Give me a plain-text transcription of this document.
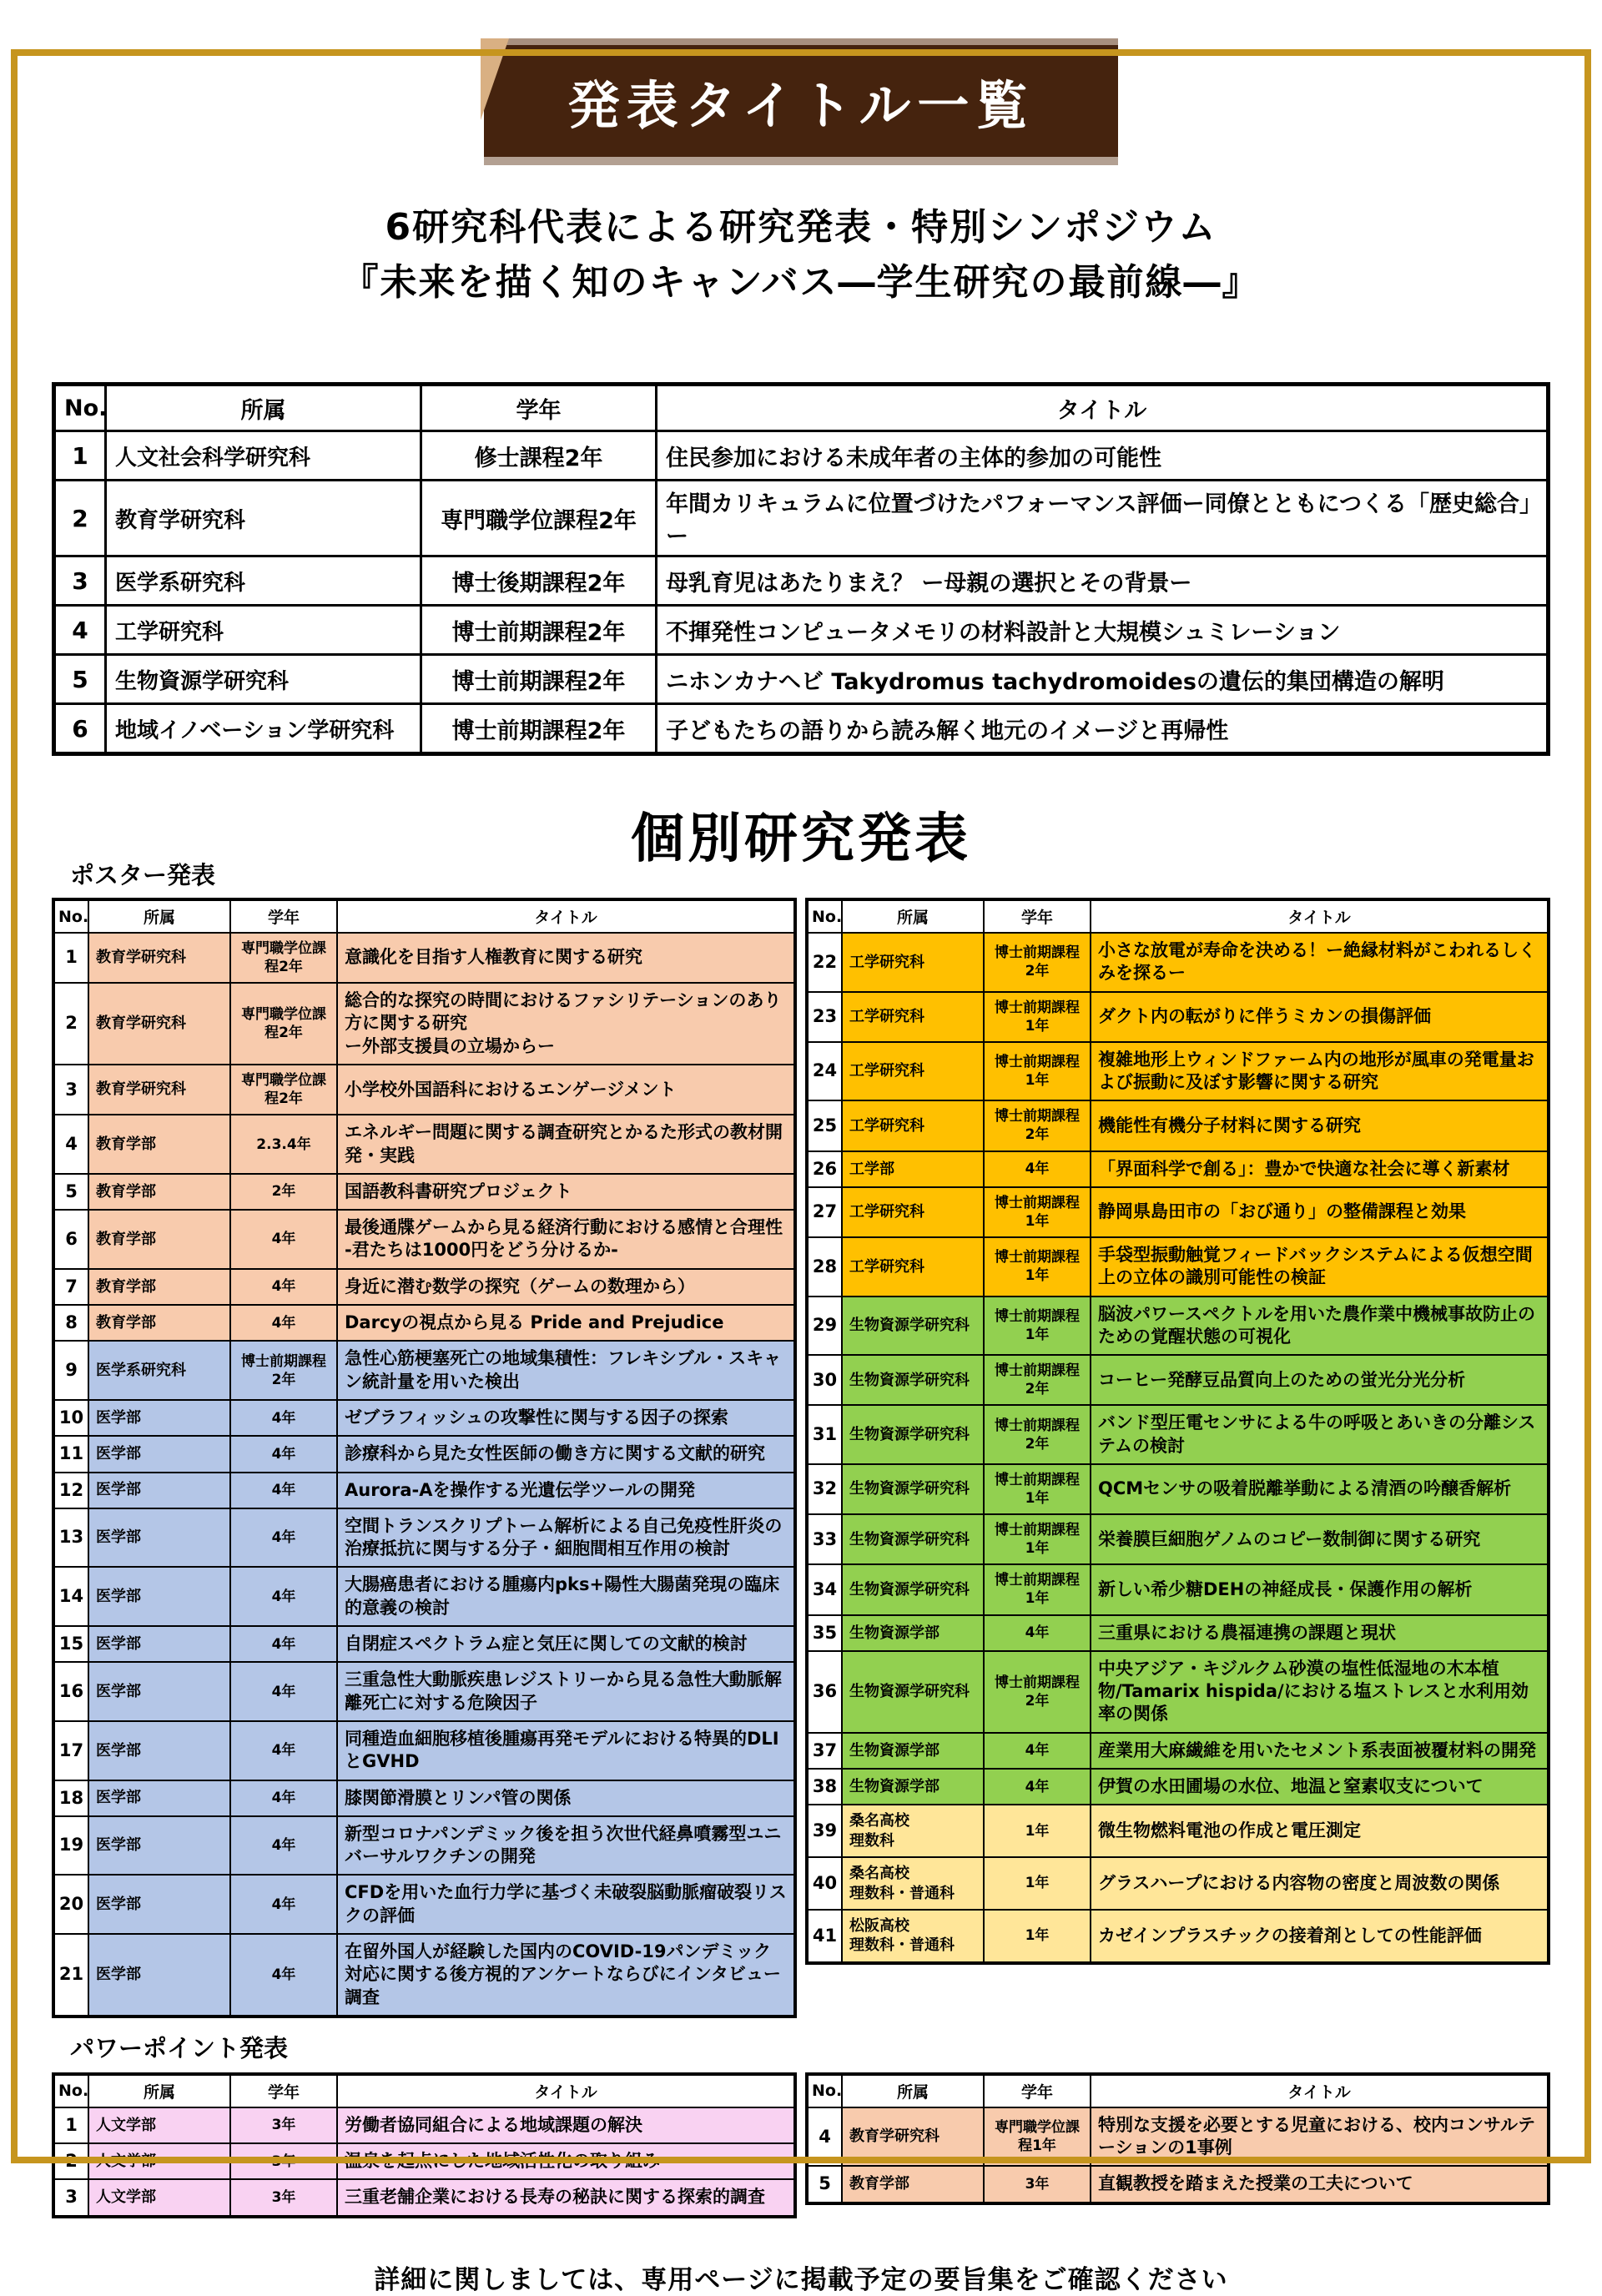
発表タイトル一覧
6研究科代表による研究発表・特別シンポジウム
『未来を描く知のキャンバス―学生研究の最前線―』
No.	所属	学年	タイトル
1	人文社会科学研究科	修士課程2年	住民参加における未成年者の主体的参加の可能性
2	教育学研究科	専門職学位課程2年	年間カリキュラムに位置づけたパフォーマンス評価ー同僚とともにつくる「歴史総合」ー
3	医学系研究科	博士後期課程2年	母乳育児はあたりまえ？ ー母親の選択とその背景ー
4	工学研究科	博士前期課程2年	不揮発性コンピュータメモリの材料設計と大規模シュミレーション
5	生物資源学研究科	博士前期課程2年	ニホンカナヘビ Takydromus tachydromoidesの遺伝的集団構造の解明
6	地域イノベーション学研究科	博士前期課程2年	子どもたちの語りから読み解く地元のイメージと再帰性
個別研究発表
ポスター発表
No.	所属	学年	タイトル
1	教育学研究科	専門職学位課程2年	意識化を目指す人権教育に関する研究
2	教育学研究科	専門職学位課程2年	総合的な探究の時間におけるファシリテーションのあり方に関する研究
ー外部支援員の立場からー
3	教育学研究科	専門職学位課程2年	小学校外国語科におけるエンゲージメント
4	教育学部	2.3.4年	エネルギー問題に関する調査研究とかるた形式の教材開発・実践
5	教育学部	2年	国語教科書研究プロジェクト
6	教育学部	4年	最後通牒ゲームから見る経済行動における感情と合理性
-君たちは1000円をどう分けるか-
7	教育学部	4年	身近に潜む数学の探究（ゲームの数理から）
8	教育学部	4年	Darcyの視点から見る Pride and Prejudice
9	医学系研究科	博士前期課程2年	急性心筋梗塞死亡の地域集積性：フレキシブル・スキャン統計量を用いた検出
10	医学部	4年	ゼブラフィッシュの攻撃性に関与する因子の探索
11	医学部	4年	診療科から見た女性医師の働き方に関する文献的研究
12	医学部	4年	Aurora-Aを操作する光遺伝学ツールの開発
13	医学部	4年	空間トランスクリプトーム解析による自己免疫性肝炎の治療抵抗に関与する分子・細胞間相互作用の検討
14	医学部	4年	大腸癌患者における腫瘍内pks+陽性大腸菌発現の臨床的意義の検討
15	医学部	4年	自閉症スペクトラム症と気圧に関しての文献的検討
16	医学部	4年	三重急性大動脈疾患レジストリーから見る急性大動脈解離死亡に対する危険因子
17	医学部	4年	同種造血細胞移植後腫瘍再発モデルにおける特異的DLIとGVHD
18	医学部	4年	膝関節滑膜とリンパ管の関係
19	医学部	4年	新型コロナパンデミック後を担う次世代経鼻噴霧型ユニバーサルワクチンの開発
20	医学部	4年	CFDを用いた血行力学に基づく未破裂脳動脈瘤破裂リスクの評価
21	医学部	4年	在留外国人が経験した国内のCOVID-19パンデミック対応に関する後方視的アンケートならびにインタビュー調査
No.	所属	学年	タイトル
22	工学研究科	博士前期課程2年	小さな放電が寿命を決める！ー絶縁材料がこわれるしくみを探るー
23	工学研究科	博士前期課程1年	ダクト内の転がりに伴うミカンの損傷評価
24	工学研究科	博士前期課程1年	複雑地形上ウィンドファーム内の地形が風車の発電量および振動に及ぼす影響に関する研究
25	工学研究科	博士前期課程2年	機能性有機分子材料に関する研究
26	工学部	4年	「界面科学で創る」：豊かで快適な社会に導く新素材
27	工学研究科	博士前期課程1年	静岡県島田市の「おび通り」の整備課程と効果
28	工学研究科	博士前期課程1年	手袋型振動触覚フィードバックシステムによる仮想空間上の立体の識別可能性の検証
29	生物資源学研究科	博士前期課程1年	脳波パワースペクトルを用いた農作業中機械事故防止のための覚醒状態の可視化
30	生物資源学研究科	博士前期課程2年	コーヒー発酵豆品質向上のための蛍光分光分析
31	生物資源学研究科	博士前期課程2年	バンド型圧電センサによる牛の呼吸とあいきの分離システムの検討
32	生物資源学研究科	博士前期課程1年	QCMセンサの吸着脱離挙動による清酒の吟醸香解析
33	生物資源学研究科	博士前期課程1年	栄養膜巨細胞ゲノムのコピー数制御に関する研究
34	生物資源学研究科	博士前期課程1年	新しい希少糖DEHの神経成長・保護作用の解析
35	生物資源学部	4年	三重県における農福連携の課題と現状
36	生物資源学研究科	博士前期課程2年	中央アジア・キジルクム砂漠の塩性低湿地の木本植物/Tamarix hispida/における塩ストレスと水利用効率の関係
37	生物資源学部	4年	産業用大麻繊維を用いたセメント系表面被覆材料の開発
38	生物資源学部	4年	伊賀の水田圃場の水位、地温と窒素収支について
39	桑名高校
理数科	1年	微生物燃料電池の作成と電圧測定
40	桑名高校
理数科・普通科	1年	グラスハープにおける内容物の密度と周波数の関係
41	松阪高校
理数科・普通科	1年	カゼインプラスチックの接着剤としての性能評価
パワーポイント発表
No.	所属	学年	タイトル
1	人文学部	3年	労働者協同組合による地域課題の解決
2	人文学部	3年	温泉を起点にした地域活性化の取り組み
3	人文学部	3年	三重老舗企業における長寿の秘訣に関する探索的調査
No.	所属	学年	タイトル
4	教育学研究科	専門職学位課程1年	特別な支援を必要とする児童における、校内コンサルテーションの1事例
5	教育学部	3年	直観教授を踏まえた授業の工夫について
詳細に関しましては、専用ページに掲載予定の要旨集をご確認ください
